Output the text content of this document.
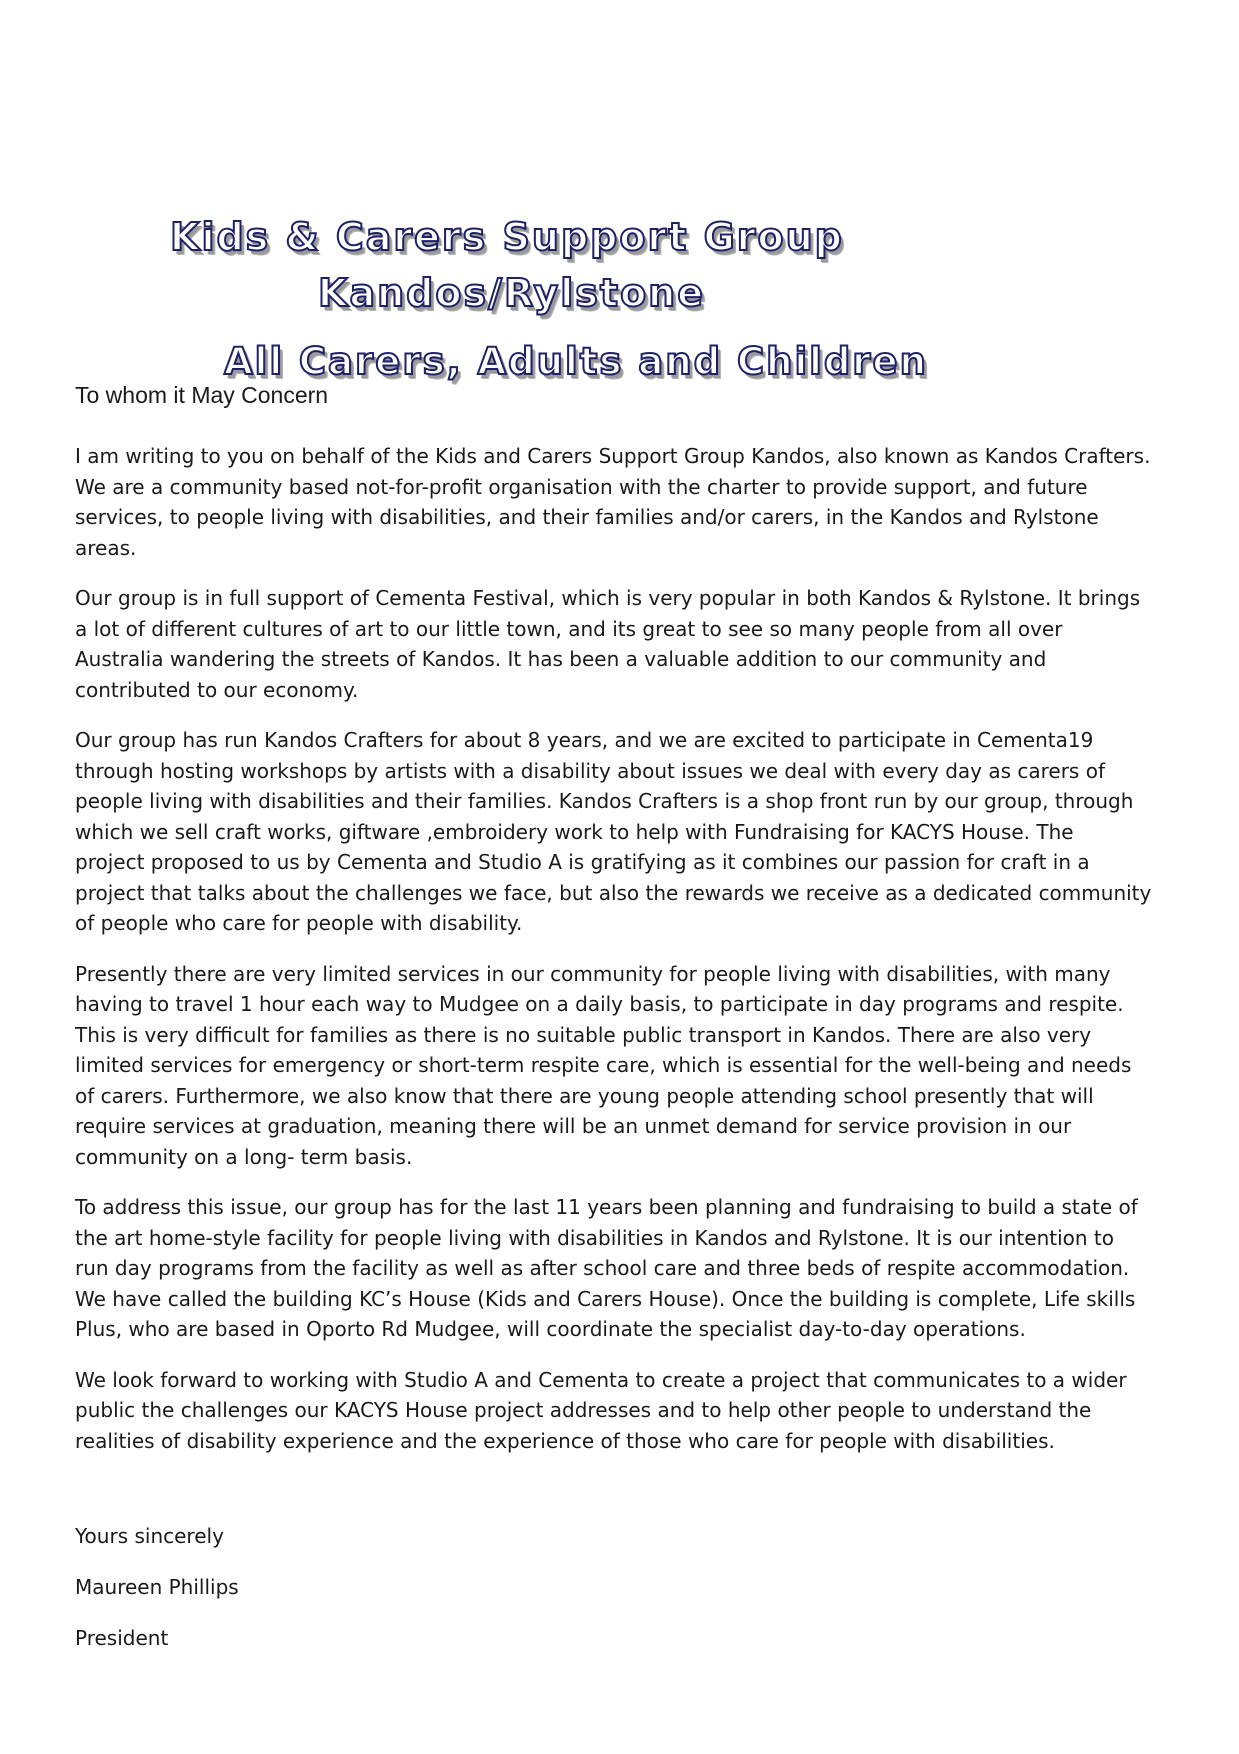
Kids & Carers Support Group
Kandos/Rylstone
All Carers, Adults and Children
To whom it May Concern

I am writing to you on behalf of the Kids and Carers Support Group Kandos, also known as Kandos Crafters.
We are a community based not-for-profit organisation with the charter to provide support, and future
services, to people living with disabilities, and their families and/or carers, in the Kandos and Rylstone
areas.

Our group is in full support of Cementa Festival, which is very popular in both Kandos & Rylstone. It brings
a lot of different cultures of art to our little town, and its great to see so many people from all over
Australia wandering the streets of Kandos. It has been a valuable addition to our community and
contributed to our economy.

Our group has run Kandos Crafters for about 8 years, and we are excited to participate in Cementa19
through hosting workshops by artists with a disability about issues we deal with every day as carers of
people living with disabilities and their families. Kandos Crafters is a shop front run by our group, through
which we sell craft works, giftware ,embroidery work to help with Fundraising for KACYS House. The
project proposed to us by Cementa and Studio A is gratifying as it combines our passion for craft in a
project that talks about the challenges we face, but also the rewards we receive as a dedicated community
of people who care for people with disability.

Presently there are very limited services in our community for people living with disabilities, with many
having to travel 1 hour each way to Mudgee on a daily basis, to participate in day programs and respite.
This is very difficult for families as there is no suitable public transport in Kandos. There are also very
limited services for emergency or short-term respite care, which is essential for the well-being and needs
of carers. Furthermore, we also know that there are young people attending school presently that will
require services at graduation, meaning there will be an unmet demand for service provision in our
community on a long- term basis.

To address this issue, our group has for the last 11 years been planning and fundraising to build a state of
the art home-style facility for people living with disabilities in Kandos and Rylstone. It is our intention to
run day programs from the facility as well as after school care and three beds of respite accommodation.
We have called the building KC’s House (Kids and Carers House). Once the building is complete, Life skills
Plus, who are based in Oporto Rd Mudgee, will coordinate the specialist day-to-day operations.

We look forward to working with Studio A and Cementa to create a project that communicates to a wider
public the challenges our KACYS House project addresses and to help other people to understand the
realities of disability experience and the experience of those who care for people with disabilities.

Yours sincerely
Maureen Phillips
President
